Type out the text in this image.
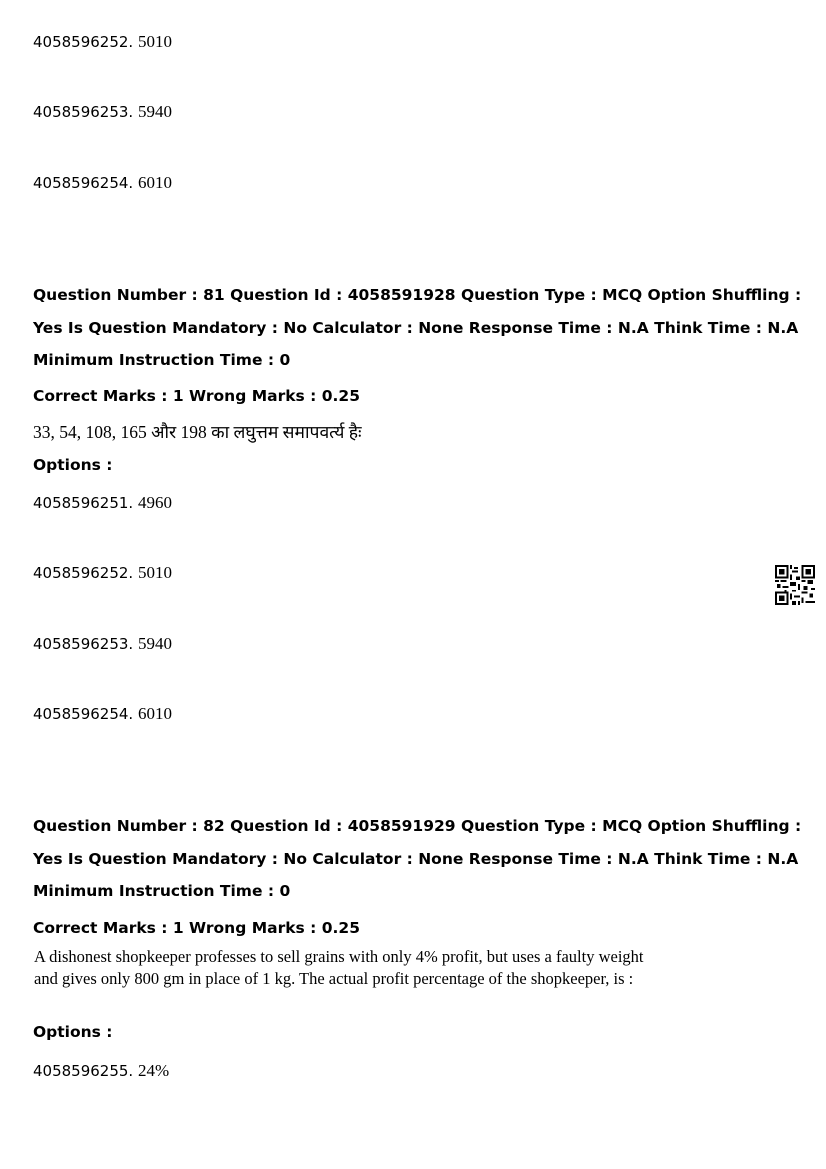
4058596252. 5010
4058596253. 5940
4058596254. 6010
Question Number : 81 Question Id : 4058591928 Question Type : MCQ Option Shuffling : Yes Is Question Mandatory : No Calculator : None Response Time : N.A Think Time : N.A Minimum Instruction Time : 0
Correct Marks : 1 Wrong Marks : 0.25
33, 54, 108, 165 और 198 का लघुत्तम समापवर्त्य हैः
Options :
4058596251. 4960
4058596252. 5010
4058596253. 5940
4058596254. 6010
Question Number : 82 Question Id : 4058591929 Question Type : MCQ Option Shuffling : Yes Is Question Mandatory : No Calculator : None Response Time : N.A Think Time : N.A Minimum Instruction Time : 0
Correct Marks : 1 Wrong Marks : 0.25
A dishonest shopkeeper professes to sell grains with only 4% profit, but uses a faulty weight and gives only 800 gm in place of 1 kg. The actual profit percentage of the shopkeeper, is :
Options :
4058596255. 24%
